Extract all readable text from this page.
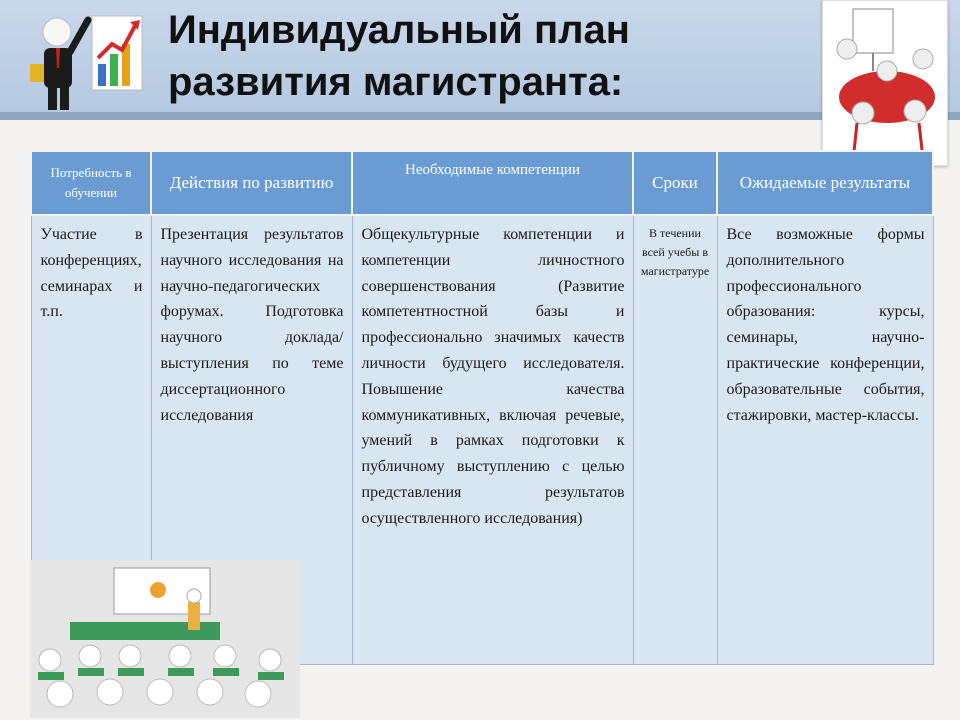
Индивидуальный план
развития магистранта:
Потребность в обучении	Действия по развитию	Необходимые компетенции	Сроки	Ожидаемые результаты
Участие в конференциях, семинарах и т.п.	Презентация результатов научного исследования на научно-педагогических форумах. Подготовка научного доклада/выступления по теме диссертационного исследования	Общекультурные компетенции и компетенции личностного совершенствования (Развитие компетентностной базы и профессионально значимых качеств личности будущего исследователя. Повышение качества коммуникативных, включая речевые, умений в рамках подготовки к публичному выступлению с целью представления результатов осуществленного исследования)	В течении всей учебы в магистратуре	Все возможные формы дополнительного профессионального образования: курсы, семинары, научно-практические конференции, образовательные события, стажировки, мастер-классы.
